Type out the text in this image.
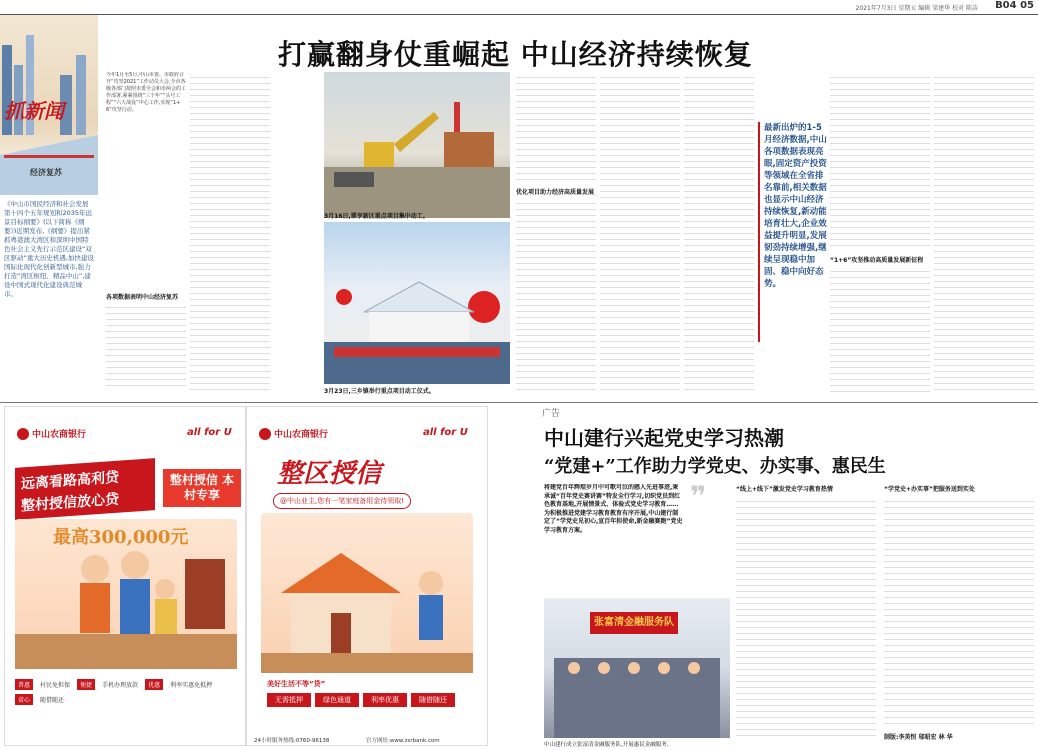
2021年7月3日 星期五 编辑 梁建华 校对 陈洁 B04 05
抓新闻
经济复苏
《中山市国民经济和社会发展第十四个五年规划和2035年远景目标纲要》(以下简称《纲要》)近期发布,《纲要》提出紧抓粤港澳大湾区和深圳中国特色社会主义先行示范区建设“双区驱动”重大历史机遇,加快建设国际化现代化创新型城市,强力打造“湾区枢纽、精品中山”,建设中国式现代化建设典范城市。
打赢翻身仗重崛起 中山经济持续恢复
今年1月至5月,中山市委、市政府召开“攻坚2021”工作动员大会,全市各级各部门按照市委全会和市两会的工作部署,紧紧围绕“三个年”“头号工程”“六大战役”中心工作,实现“1+6”攻坚行动。
各项数据表明中山经济复苏
3月16日,翠亨新区重点项目集中动工。
3月23日,三乡镇举行重点项目动工仪式。
优化项目助力经济高质量发展
最新出炉的1-5月经济数据,中山各项数据表现亮眼,固定资产投资等领域在全省排名靠前,相关数据也显示中山经济持续恢复,新动能培育壮大,企业效益提升明显,发展韧劲持续增强,继续呈现稳中加固、稳中向好态势。
“1+6”攻坚推动高质量发展新征程
中山农商银行	all for U
远离看路高利贷
整村授信放心贷
整村授信 本村专享
最高300,000元
普惠	村民免担保	便捷	手机办理放款	优惠	利率实惠免抵押
省心	随借随还
中山农商银行	all for U
整区授信
@中山业主,您有一笔家庭备用金待领取!
美好生活不等“贷”
无需抵押	绿色通道	利率优惠	随借随还
24小时服务热线:0760-96138	官方网址:www.zsrbank.com
广告
中山建行兴起党史学习热潮
“党建+”工作助力学党史、办实事、惠民生
❞
将建党百年辉煌岁月中可歌可泣的感人先进事迹,秉承诚“百年党史赛讲赛”特发全行学习,切织党员到红色教育基地,开展情景式、体验式党史学习教育……为积极推进党建学习教育教育有序开展,中山建行制定了“学党史见初心,宣百年担使命,新金融赛跑”党史学习教育方案。
张富清金融服务队
中山建行成立张富清金融服务队,开展惠民金融服务。
“线上+线下”激发党史学习教育热情	“学党史+办实事”把服务送到实处
制版:李美恒 邬昭宏 林 华
